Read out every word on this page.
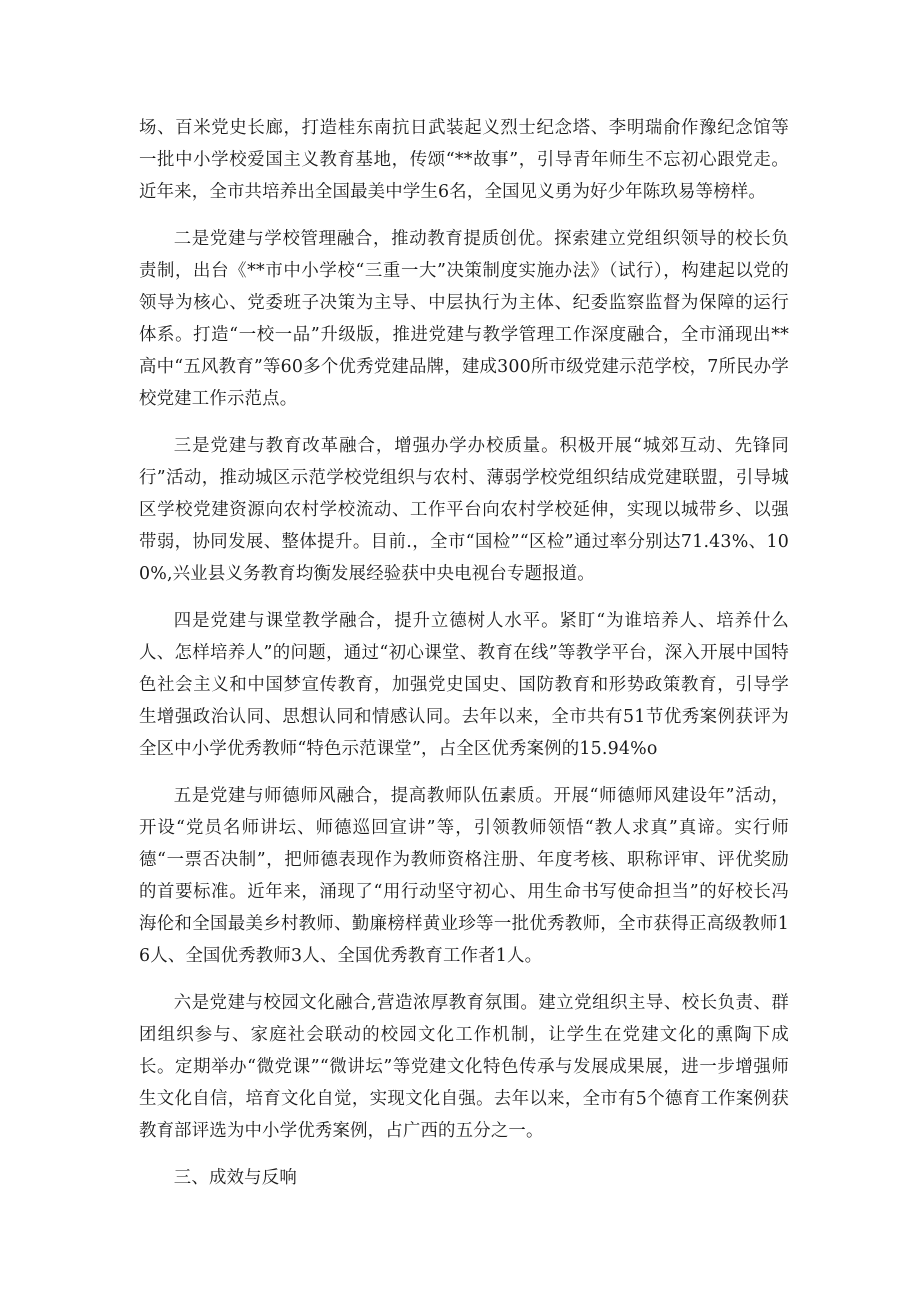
场、百米党史长廊，打造桂东南抗日武装起义烈士纪念塔、李明瑞俞作豫纪念馆等一批中小学校爱国主义教育基地，传颂“**故事”，引导青年师生不忘初心跟党走。近年来，全市共培养出全国最美中学生6名，全国见义勇为好少年陈玖易等榜样。

二是党建与学校管理融合，推动教育提质创优。探索建立党组织领导的校长负责制，出台《**市中小学校“三重一大”决策制度实施办法》（试行），构建起以党的领导为核心、党委班子决策为主导、中层执行为主体、纪委监察监督为保障的运行体系。打造“一校一品”升级版，推进党建与教学管理工作深度融合，全市涌现出**高中“五风教育”等60多个优秀党建品牌，建成300所市级党建示范学校，7所民办学校党建工作示范点。

三是党建与教育改革融合，增强办学办校质量。积极开展“城郊互动、先锋同行”活动，推动城区示范学校党组织与农村、薄弱学校党组织结成党建联盟，引导城区学校党建资源向农村学校流动、工作平台向农村学校延伸，实现以城带乡、以强带弱，协同发展、整体提升。目前.，全市“国检”“区检”通过率分别达71.43%、100%,兴业县义务教育均衡发展经验获中央电视台专题报道。

四是党建与课堂教学融合，提升立德树人水平。紧盯“为谁培养人、培养什么人、怎样培养人”的问题，通过“初心课堂、教育在线”等教学平台，深入开展中国特色社会主义和中国梦宣传教育，加强党史国史、国防教育和形势政策教育，引导学生增强政治认同、思想认同和情感认同。去年以来，全市共有51节优秀案例获评为全区中小学优秀教师“特色示范课堂”，占全区优秀案例的15.94%o

五是党建与师德师风融合，提高教师队伍素质。开展“师德师风建设年”活动，开设“党员名师讲坛、师德巡回宣讲”等，引领教师领悟“教人求真”真谛。实行师德“一票否决制”，把师德表现作为教师资格注册、年度考核、职称评审、评优奖励的首要标准。近年来，涌现了“用行动坚守初心、用生命书写使命担当”的好校长冯海伦和全国最美乡村教师、勤廉榜样黄业珍等一批优秀教师，全市获得正高级教师16人、全国优秀教师3人、全国优秀教育工作者1人。

六是党建与校园文化融合,营造浓厚教育氛围。建立党组织主导、校长负责、群团组织参与、家庭社会联动的校园文化工作机制，让学生在党建文化的熏陶下成长。定期举办“微党课”“微讲坛”等党建文化特色传承与发展成果展，进一步增强师生文化自信，培育文化自觉，实现文化自强。去年以来，全市有5个德育工作案例获教育部评选为中小学优秀案例，占广西的五分之一。

三、成效与反响
